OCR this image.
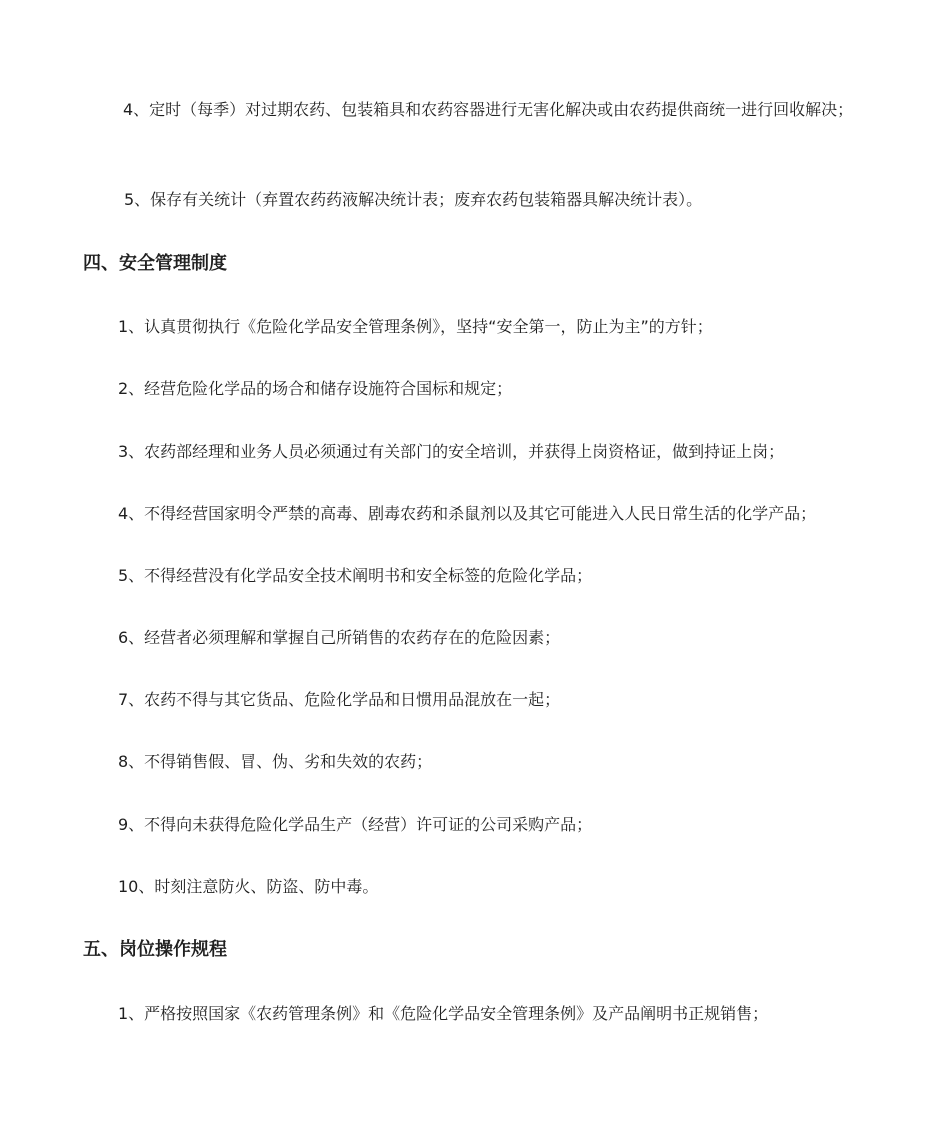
4、定时（每季）对过期农药、包装箱具和农药容器进行无害化解决或由农药提供商统一进行回收解决；

5、保存有关统计（弃置农药药液解决统计表；废弃农药包装箱器具解决统计表）。

四、安全管理制度

1、认真贯彻执行《危险化学品安全管理条例》，坚持“安全第一，防止为主”的方针；

2、经营危险化学品的场合和储存设施符合国标和规定；

3、农药部经理和业务人员必须通过有关部门的安全培训，并获得上岗资格证，做到持证上岗；

4、不得经营国家明令严禁的高毒、剧毒农药和杀鼠剂以及其它可能进入人民日常生活的化学产品；

5、不得经营没有化学品安全技术阐明书和安全标签的危险化学品；

6、经营者必须理解和掌握自己所销售的农药存在的危险因素；

7、农药不得与其它货品、危险化学品和日惯用品混放在一起；

8、不得销售假、冒、伪、劣和失效的农药；

9、不得向未获得危险化学品生产（经营）许可证的公司采购产品；

10、时刻注意防火、防盗、防中毒。

五、岗位操作规程

1、严格按照国家《农药管理条例》和《危险化学品安全管理条例》及产品阐明书正规销售；
